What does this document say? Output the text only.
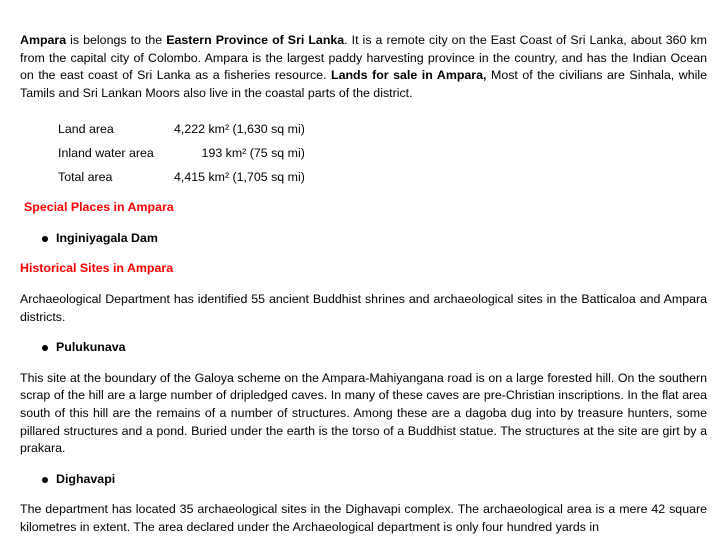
Ampara is belongs to the Eastern Province of Sri Lanka. It is a remote city on the East Coast of Sri Lanka, about 360 km from the capital city of Colombo. Ampara is the largest paddy harvesting province in the country, and has the Indian Ocean on the east coast of Sri Lanka as a fisheries resource. Lands for sale in Ampara, Most of the civilians are Sinhala, while Tamils and Sri Lankan Moors also live in the coastal parts of the district.

Land area	4,222 km² (1,630 sq mi)
Inland water area	193 km² (75 sq mi)
Total area	4,415 km² (1,705 sq mi)
Special Places in Ampara
Inginiyagala Dam
Historical Sites in Ampara

Archaeological Department has identified 55 ancient Buddhist shrines and archaeological sites in the Batticaloa and Ampara districts.

Pulukunava

This site at the boundary of the Galoya scheme on the Ampara-Mahiyangana road is on a large forested hill. On the southern scrap of the hill are a large number of dripledged caves. In many of these caves are pre-Christian inscriptions. In the flat area south of this hill are the remains of a number of structures. Among these are a dagoba dug into by treasure hunters, some pillared structures and a pond. Buried under the earth is the torso of a Buddhist statue. The structures at the site are girt by a prakara.

Dighavapi

The department has located 35 archaeological sites in the Dighavapi complex. The archaeological area is a mere 42 square kilometres in extent. The area declared under the Archaeological department is only four hundred yards in
